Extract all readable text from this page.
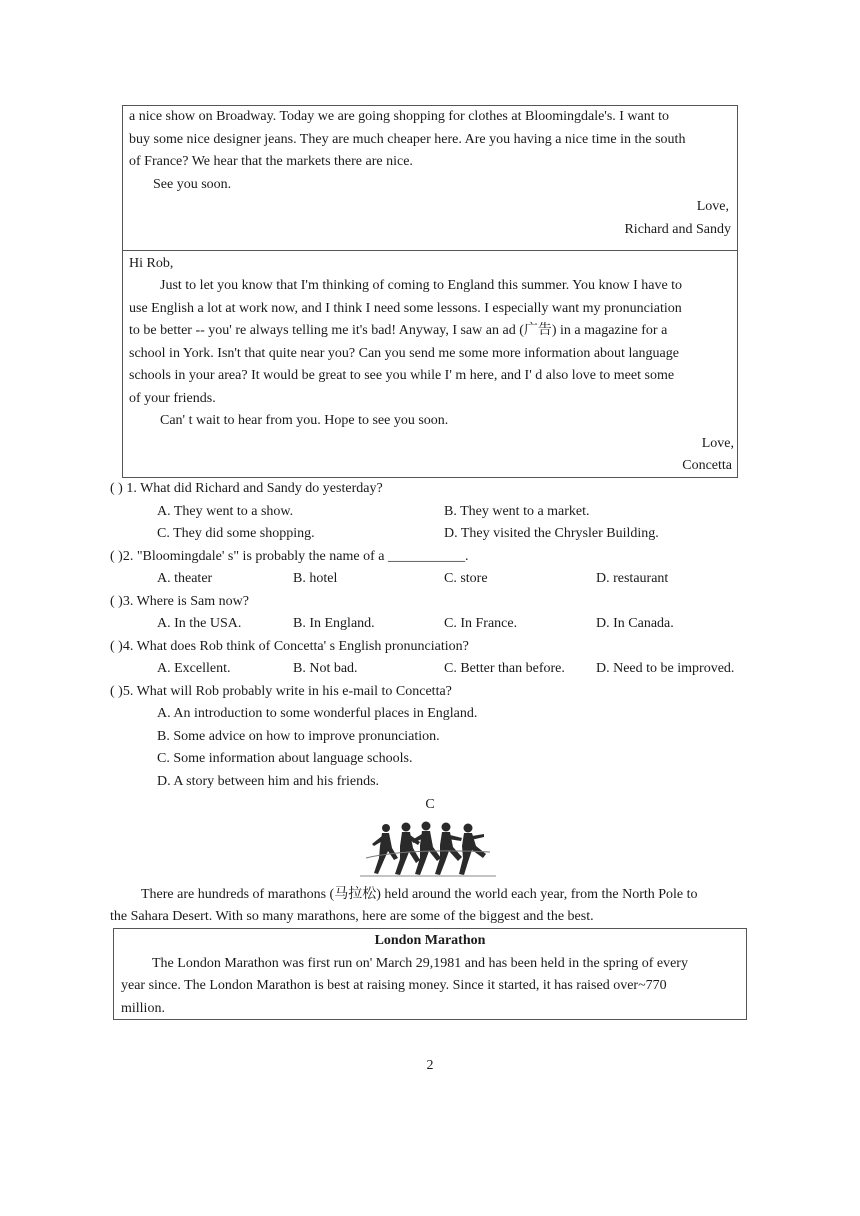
a nice show on Broadway. Today we are going shopping for clothes at Bloomingdale's. I want to
buy some nice designer jeans. They are much cheaper here. Are you having a nice time in the south
of France? We hear that the markets there are nice.
See you soon.
Love,
Richard and Sandy
Hi Rob,
Just to let you know that I'm thinking of coming to England this summer. You know I have to
use English a lot at work now, and I think I need some lessons. I especially want my pronunciation
to be better -- you' re always telling me it's bad! Anyway, I saw an ad (广告) in a magazine for a
school in York. Isn't that quite near you? Can you send me some more information about language
schools in your area? It would be great to see you while I' m here, and I' d also love to meet some
of your friends.
Can' t wait to hear from you. Hope to see you soon.
Love,
Concetta
( ) 1. What did Richard and Sandy do yesterday?
A. They went to a show.	B. They went to a market.
C. They did some shopping.	D. They visited the Chrysler Building.
( )2. "Bloomingdale' s" is probably the name of a ___________.
A. theater	B. hotel	C. store	D. restaurant
( )3. Where is Sam now?
A. In the USA.	B. In England.	C. In France.	D. In Canada.
( )4. What does Rob think of Concetta' s English pronunciation?
A. Excellent.	B. Not bad.	C. Better than before. D. Need to be improved.
( )5. What will Rob probably write in his e-mail to Concetta?
A. An introduction to some wonderful places in England.
B. Some advice on how to improve pronunciation.
C. Some information about language schools.
D. A story between him and his friends.
C
There are hundreds of marathons (马拉松) held around the world each year, from the North Pole to
the Sahara Desert. With so many marathons, here are some of the biggest and the best.
London Marathon
The London Marathon was first run on' March 29,1981 and has been held in the spring of every
year since. The London Marathon is best at raising money. Since it started, it has raised over~770
million.
2
